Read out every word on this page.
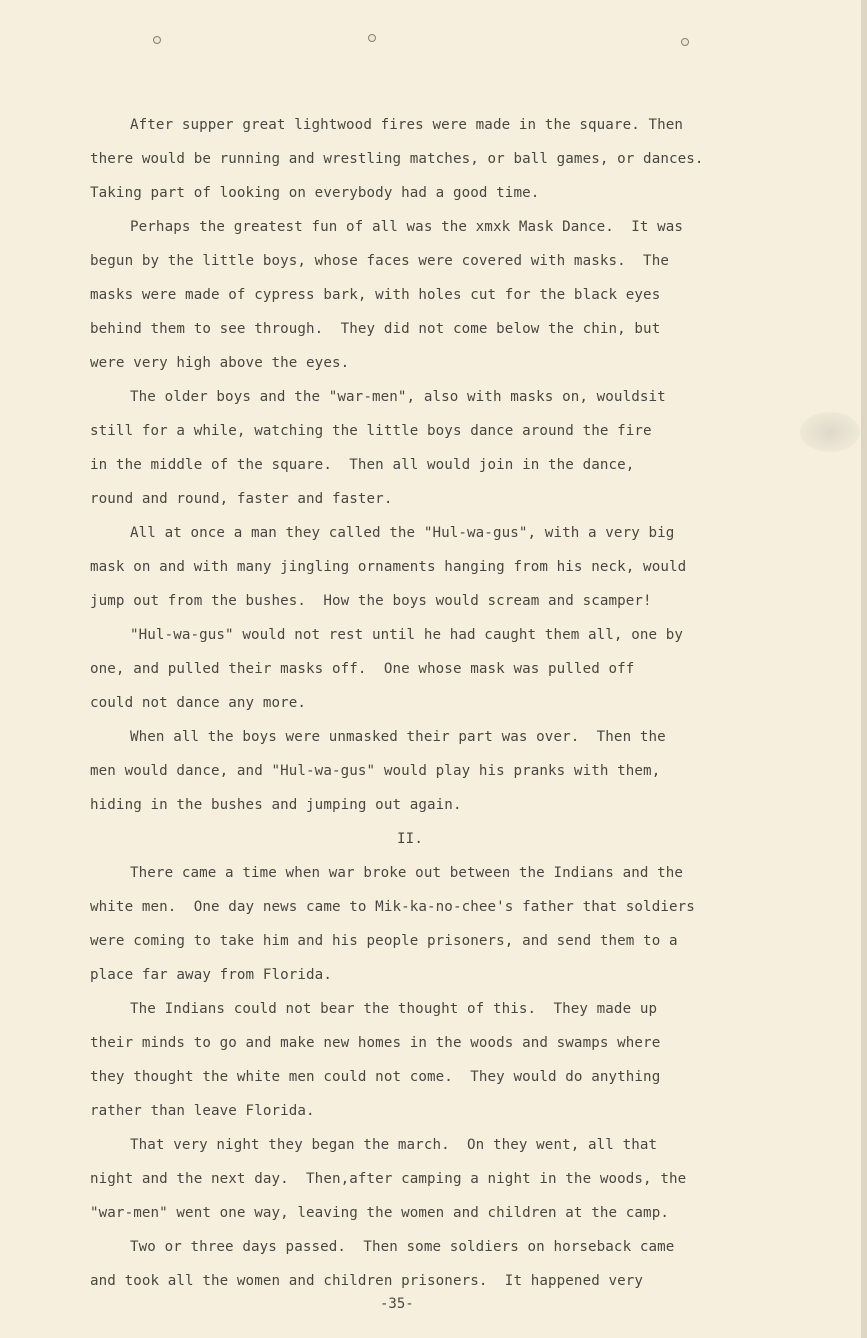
After supper great lightwood fires were made in the square. Then
there would be running and wrestling matches, or ball games, or dances.
Taking part of looking on everybody had a good time.
Perhaps the greatest fun of all was the xmxk Mask Dance.  It was
begun by the little boys, whose faces were covered with masks.  The
masks were made of cypress bark, with holes cut for the black eyes
behind them to see through.  They did not come below the chin, but
were very high above the eyes.
The older boys and the "war-men", also with masks on, wouldsit
still for a while, watching the little boys dance around the fire
in the middle of the square.  Then all would join in the dance,
round and round, faster and faster.
All at once a man they called the "Hul-wa-gus", with a very big
mask on and with many jingling ornaments hanging from his neck, would
jump out from the bushes.  How the boys would scream and scamper!
"Hul-wa-gus" would not rest until he had caught them all, one by
one, and pulled their masks off.  One whose mask was pulled off
could not dance any more.
When all the boys were unmasked their part was over.  Then the
men would dance, and "Hul-wa-gus" would play his pranks with them,
hiding in the bushes and jumping out again.
II.
There came a time when war broke out between the Indians and the
white men.  One day news came to Mik-ka-no-chee's father that soldiers
were coming to take him and his people prisoners, and send them to a
place far away from Florida.
The Indians could not bear the thought of this.  They made up
their minds to go and make new homes in the woods and swamps where
they thought the white men could not come.  They would do anything
rather than leave Florida.
That very night they began the march.  On they went, all that
night and the next day.  Then,after camping a night in the woods, the
"war-men" went one way, leaving the women and children at the camp.
Two or three days passed.  Then some soldiers on horseback came
and took all the women and children prisoners.  It happened very
-35-
